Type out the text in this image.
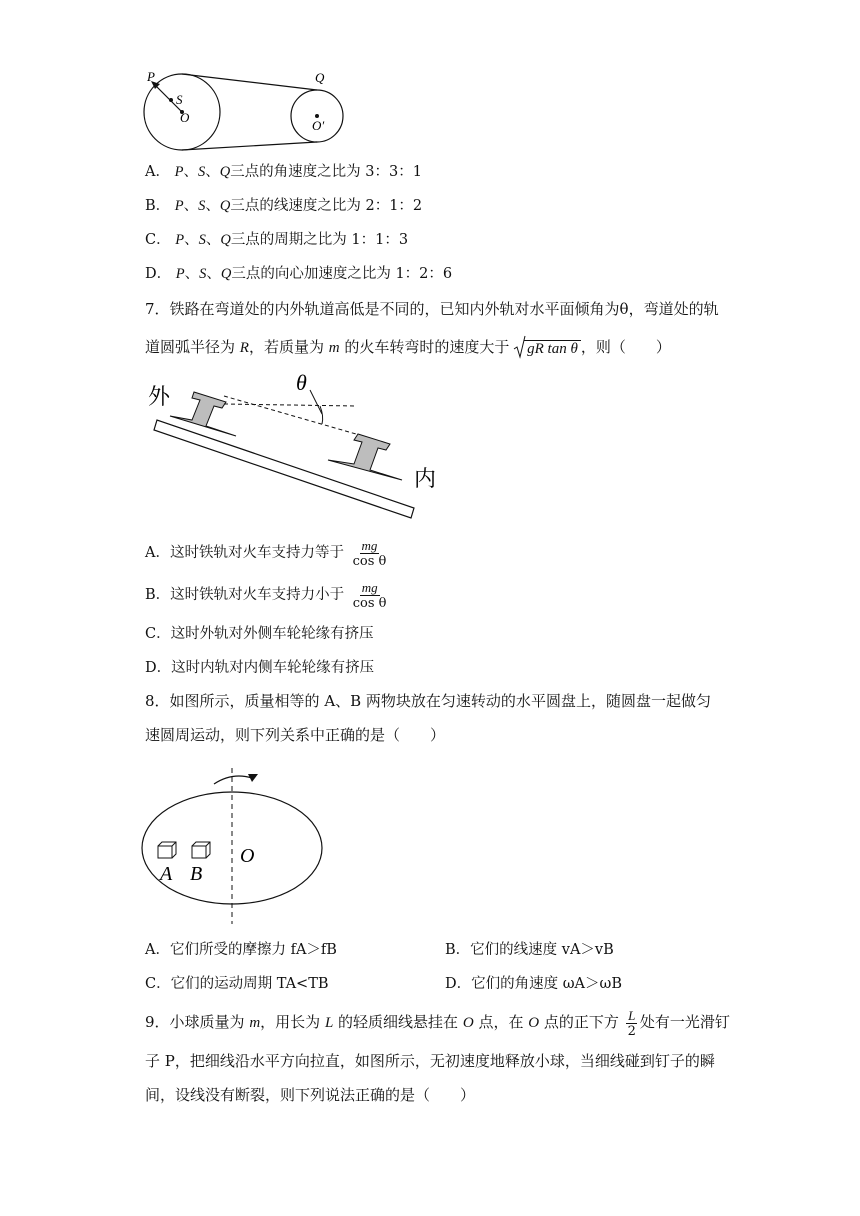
P
S
O
Q
O′
A． P、S、Q三点的角速度之比为 3：3：1
B． P、S、Q三点的线速度之比为 2：1：2
C． P、S、Q三点的周期之比为 1：1：3
D． P、S、Q三点的向心加速度之比为 1：2：6
7．铁路在弯道处的内外轨道高低是不同的，已知内外轨对水平面倾角为θ，弯道处的轨
道圆弧半径为 R，若质量为 m 的火车转弯时的速度大于 gR tan θ ，则（　　）
θ
外
内
A．这时铁轨对火车支持力等于 $\frac{mg}{\text{cos θ}}$
B．这时铁轨对火车支持力小于 $\frac{mg}{\text{cos θ}}$
C．这时外轨对外侧车轮轮缘有挤压
D．这时内轨对内侧车轮轮缘有挤压
8．如图所示，质量相等的 A、B 两物块放在匀速转动的水平圆盘上，随圆盘一起做匀
速圆周运动，则下列关系中正确的是（　　）
A B
O
A．它们所受的摩擦力 fA＞fB	B．它们的线速度 vA＞vB
C．它们的运动周期 TA<TB	D．它们的角速度 ωA＞ωB
9．小球质量为 m，用长为 L 的轻质细线悬挂在 O 点，在 O 点的正下方 $\frac{L}{2}$ 处有一光滑钉
子 P，把细线沿水平方向拉直，如图所示，无初速度地释放小球，当细线碰到钉子的瞬
间，设线没有断裂，则下列说法正确的是（　　）
